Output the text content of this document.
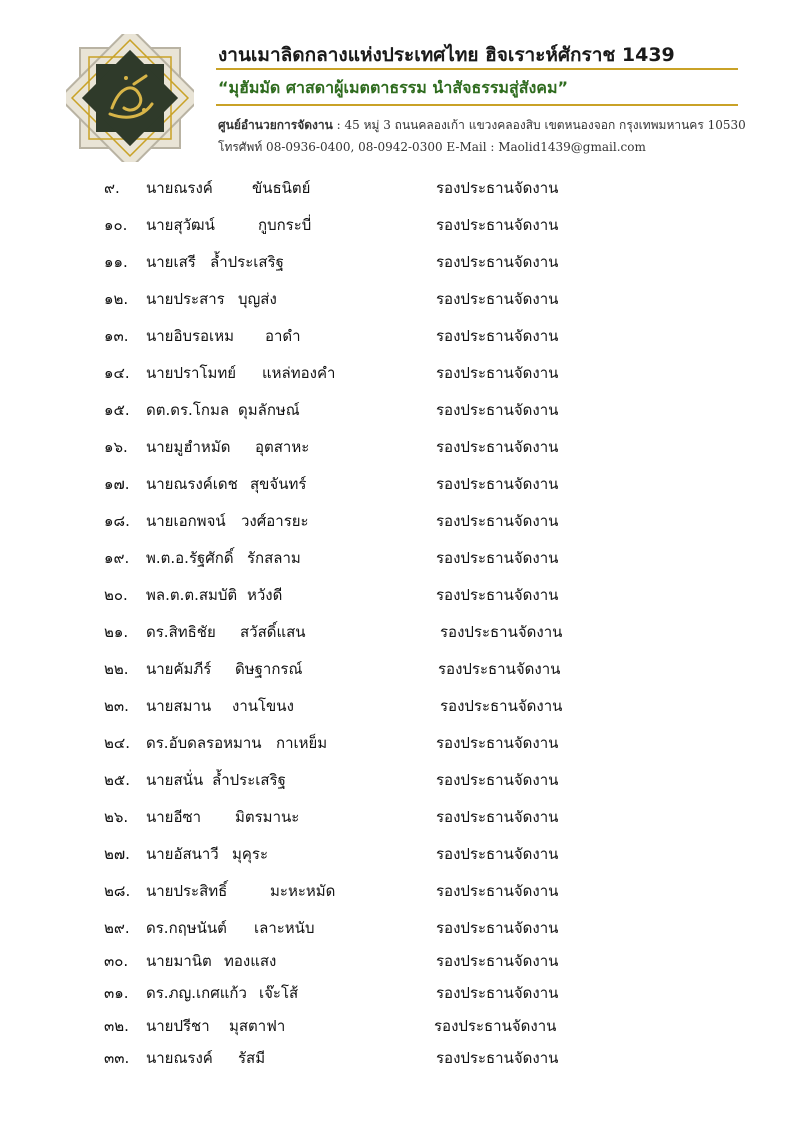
งานเมาลิดกลางแห่งประเทศไทย ฮิจเราะห์ศักราช 1439
“มุฮัมมัด ศาสดาผู้เมตตาธรรม นำสัจธรรมสู่สังคม”
ศูนย์อำนวยการจัดงาน : 45 หมู่ 3 ถนนคลองเก้า แขวงคลองสิบ เขตหนองจอก กรุงเทพมหานคร 10530
โทรศัพท์ 08-0936-0400, 08-0942-0300 E-Mail : Maolid1439@gmail.com
๙. นายณรงค์	ขันธนิตย์	รองประธานจัดงาน
๑๐. นายสุวัฒน์	กูบกระบี่	รองประธานจัดงาน
๑๑. นายเสรี ล้ำประเสริฐ	รองประธานจัดงาน
๑๒. นายประสาร บุญส่ง	รองประธานจัดงาน
๑๓. นายอิบรอเหม อาดำ	รองประธานจัดงาน
๑๔. นายปราโมทย์ แหล่ทองคำ	รองประธานจัดงาน
๑๕. ดต.ดร.โกมล ดุมลักษณ์	รองประธานจัดงาน
๑๖. นายมูฮำหมัด อุตสาหะ	รองประธานจัดงาน
๑๗. นายณรงค์เดช สุขจันทร์	รองประธานจัดงาน
๑๘. นายเอกพจน์ วงศ์อารยะ	รองประธานจัดงาน
๑๙. พ.ต.อ.รัฐศักดิ์ รักสลาม	รองประธานจัดงาน
๒๐. พล.ต.ต.สมบัติ หวังดี	รองประธานจัดงาน
๒๑. ดร.สิทธิชัย สวัสดิ์แสน	รองประธานจัดงาน
๒๒. นายคัมภีร์ ดิษฐากรณ์	รองประธานจัดงาน
๒๓. นายสมาน งานโขนง	รองประธานจัดงาน
๒๔. ดร.อับดลรอหมาน กาเหย็ม	รองประธานจัดงาน
๒๕. นายสนั่น ล้ำประเสริฐ	รองประธานจัดงาน
๒๖. นายอีซา มิตรมานะ	รองประธานจัดงาน
๒๗. นายอัสนาวี มุคุระ	รองประธานจัดงาน
๒๘. นายประสิทธิ์	มะหะหมัด	รองประธานจัดงาน
๒๙. ดร.กฤษนันต์ เลาะหนับ	รองประธานจัดงาน
๓๐. นายมานิต ทองแสง	รองประธานจัดงาน
๓๑. ดร.ภญ.เกศแก้ว เจ๊ะโส้	รองประธานจัดงาน
๓๒. นายปรีชา มุสตาฟา	รองประธานจัดงาน
๓๓. นายณรงค์ รัสมี	รองประธานจัดงาน
